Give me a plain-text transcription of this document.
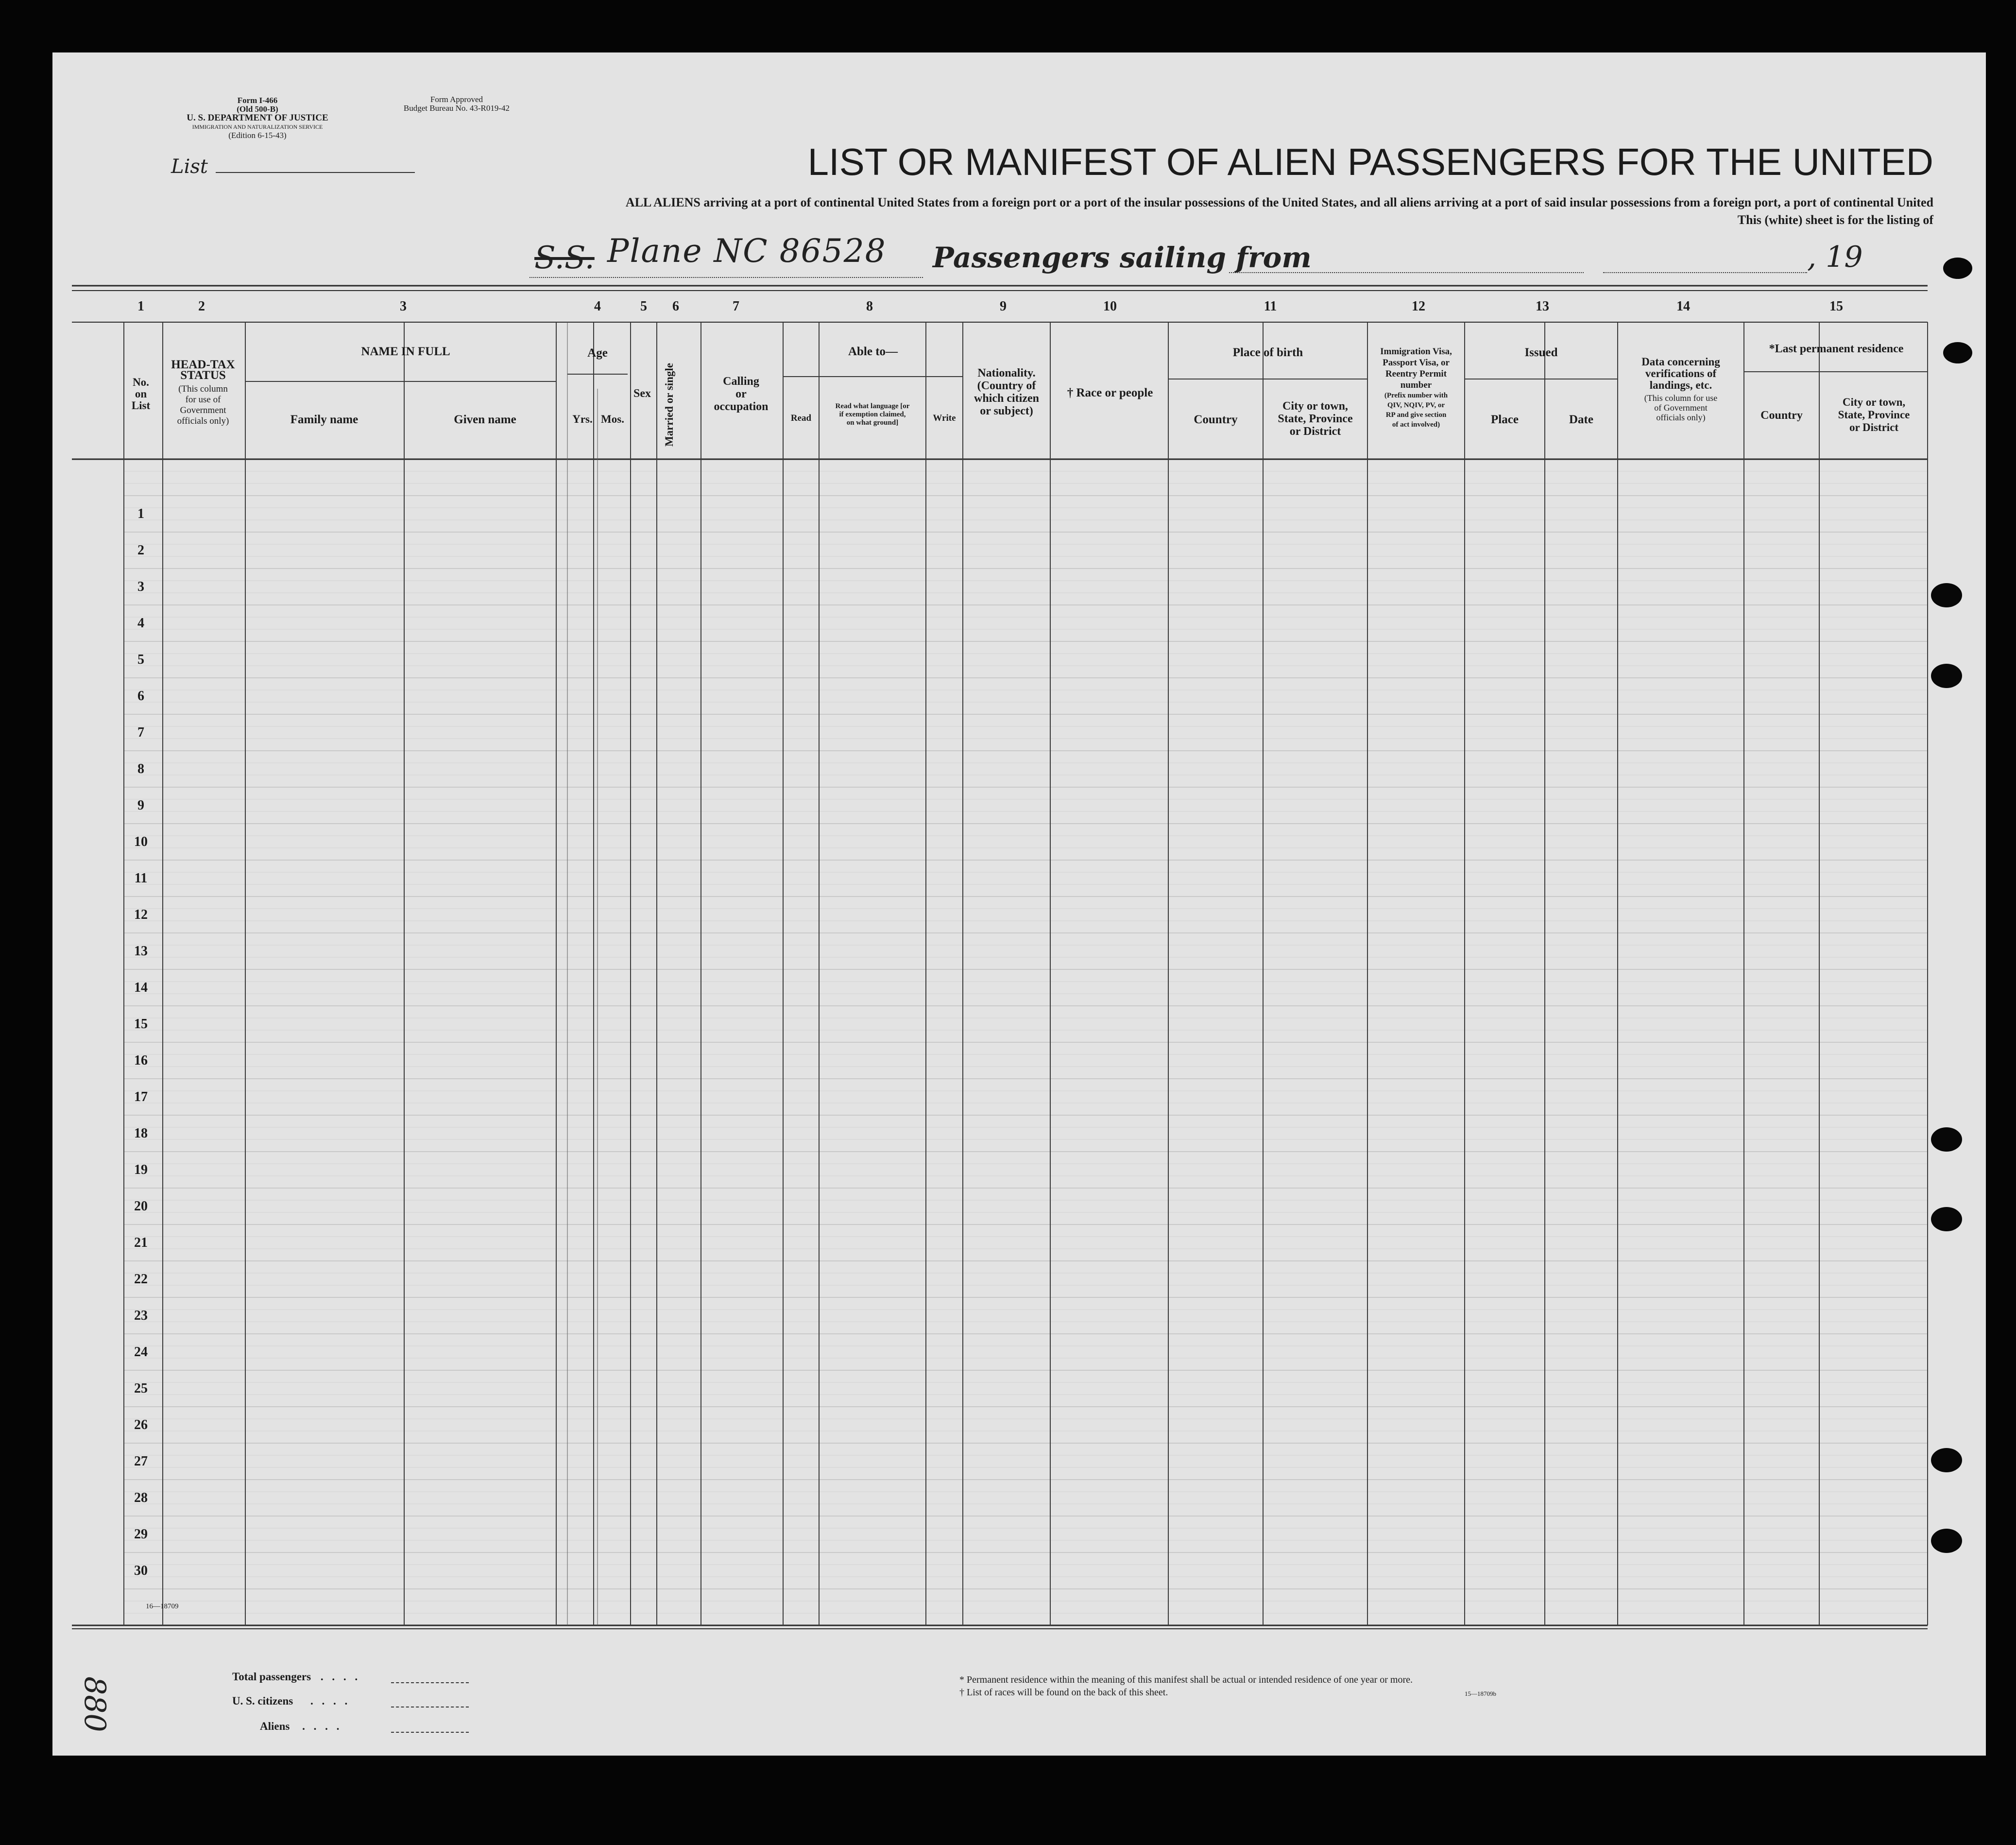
Form I-466
(Old 500-B)
U. S. DEPARTMENT OF JUSTICE
IMMIGRATION AND NATURALIZATION SERVICE
(Edition 6-15-43)
Form Approved
Budget Bureau No. 43-R019-42
List	LIST OR MANIFEST OF ALIEN PASSENGERS FOR THE UNITED
ALL ALIENS arriving at a port of continental United States from a foreign port or a port of the insular possessions of the United States, and all aliens arriving at a port of said insular possessions from a foreign port, a port of continental United
This (white) sheet is for the listing of
S.S. Plane NC 86528 Passengers sailing from	, 19
1	2	3	4	5	6	7	8	9	10	11	12	13	14	15
No.
on
List
HEAD-TAX
STATUS
(This column
for use of
Government
officials only)
NAME IN FULL
Family name	Given name
Age
Yrs. Mos.
Sex	Married or single	Calling
or
occupation
Able to—
Read
Read what language [or
if exemption claimed,
on what ground]	Write
Nationality.
(Country of
which citizen
or subject)
† Race or people
Place of birth
Country
City or town,
State, Province
or District
Immigration Visa,
Passport Visa, or
Reentry Permit
number
(Prefix number with
QIV, NQIV, PV, or
RP and give section
of act involved)
Issued
Place	Date
Data concerning
verifications of
landings, etc.
(This column for use
of Government
officials only)
*Last permanent residence
Country
City or town,
State, Province
or District
1
2
3
4
5
6
7
8
9
10
11
12
13
14
15
16
17
18
19
20
21
22
23
24
25
26
27
28
29
30
16—18709
Total passengers . . . .
U. S. citizens . . . .
Aliens . . . .
* Permanent residence within the meaning of this manifest shall be actual or intended residence of one year or more.
† List of races will be found on the back of this sheet.	15—18709b
880
